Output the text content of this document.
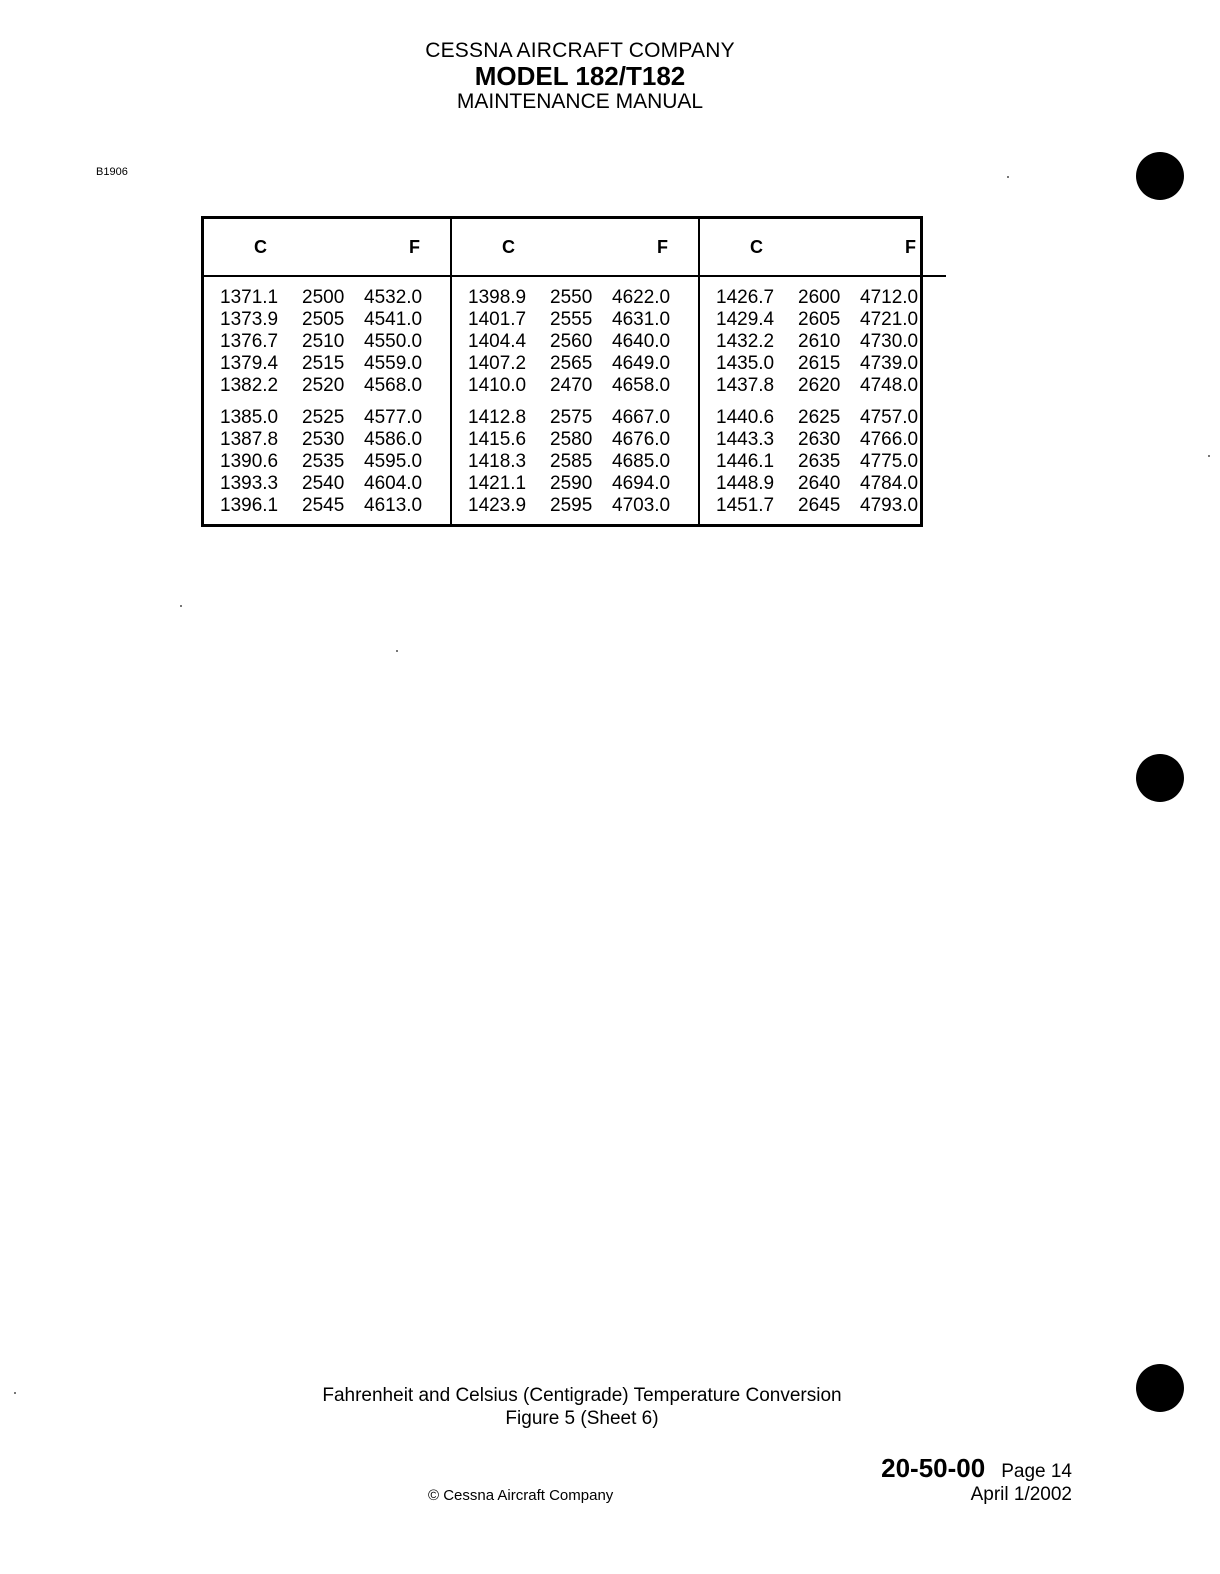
CESSNA AIRCRAFT COMPANY
MODEL 182/T182
MAINTENANCE MANUAL
B1906
C	F
1371.1	2500	4532.0
1373.9	2505	4541.0
1376.7	2510	4550.0
1379.4	2515	4559.0
1382.2	2520	4568.0
1385.0	2525	4577.0
1387.8	2530	4586.0
1390.6	2535	4595.0
1393.3	2540	4604.0
1396.1	2545	4613.0
C	F
1398.9	2550	4622.0
1401.7	2555	4631.0
1404.4	2560	4640.0
1407.2	2565	4649.0
1410.0	2470	4658.0
1412.8	2575	4667.0
1415.6	2580	4676.0
1418.3	2585	4685.0
1421.1	2590	4694.0
1423.9	2595	4703.0
C	F
1426.7	2600	4712.0
1429.4	2605	4721.0
1432.2	2610	4730.0
1435.0	2615	4739.0
1437.8	2620	4748.0
1440.6	2625	4757.0
1443.3	2630	4766.0
1446.1	2635	4775.0
1448.9	2640	4784.0
1451.7	2645	4793.0
Fahrenheit and Celsius (Centigrade) Temperature Conversion
Figure 5 (Sheet 6)
© Cessna Aircraft Company
20-50-00 Page 14
April 1/2002
